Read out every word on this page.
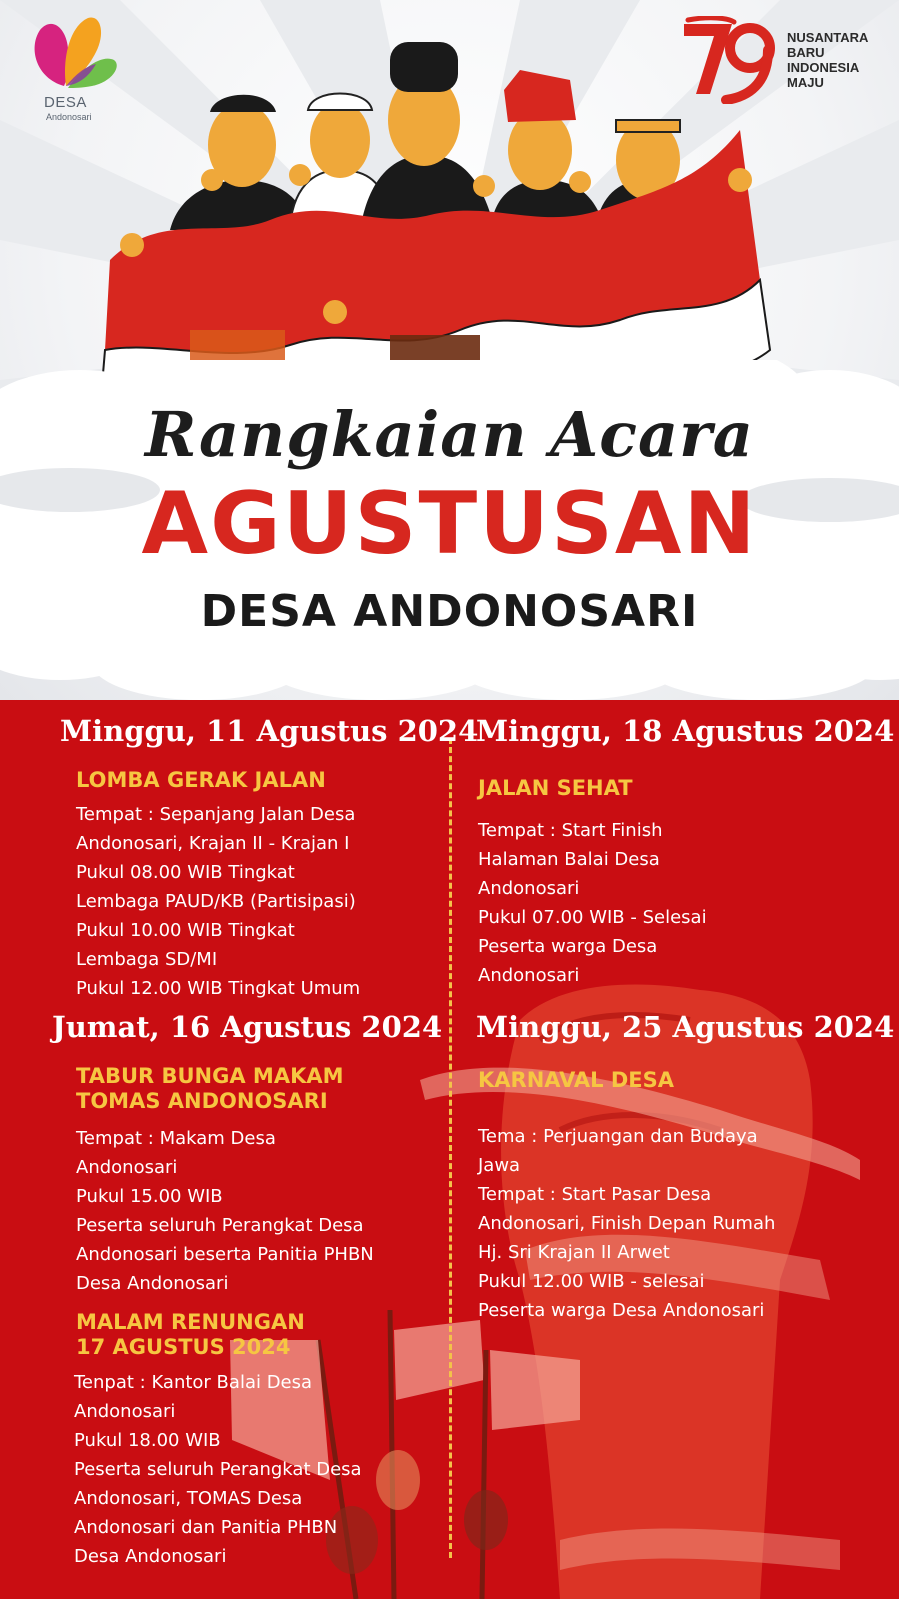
DESA
Andonosari
NUSANTARA
BARU
INDONESIA
MAJU
Rangkaian Acara
AGUSTUSAN
DESA ANDONOSARI
Minggu, 11 Agustus 2024
LOMBA GERAK JALAN
Tempat : Sepanjang Jalan Desa
Andonosari, Krajan II - Krajan I
Pukul 08.00 WIB Tingkat
Lembaga PAUD/KB (Partisipasi)
Pukul 10.00 WIB Tingkat
Lembaga SD/MI
Pukul 12.00 WIB Tingkat Umum
Jumat, 16 Agustus 2024
TABUR BUNGA MAKAM
TOMAS ANDONOSARI
Tempat : Makam Desa
Andonosari
Pukul 15.00 WIB
Peserta seluruh Perangkat Desa
Andonosari beserta Panitia PHBN
Desa Andonosari
MALAM RENUNGAN
17 AGUSTUS 2024
Tenpat : Kantor Balai Desa
Andonosari
Pukul 18.00 WIB
Peserta seluruh Perangkat Desa
Andonosari, TOMAS Desa
Andonosari dan Panitia PHBN
Desa Andonosari
Minggu, 18 Agustus 2024
JALAN SEHAT
Tempat : Start Finish
Halaman Balai Desa
Andonosari
Pukul 07.00 WIB - Selesai
Peserta warga Desa
Andonosari
Minggu, 25 Agustus 2024
KARNAVAL DESA
Tema : Perjuangan dan Budaya
Jawa
Tempat : Start Pasar Desa
Andonosari, Finish Depan Rumah
Hj. Sri Krajan II Arwet
Pukul 12.00 WIB - selesai
Peserta warga Desa Andonosari
